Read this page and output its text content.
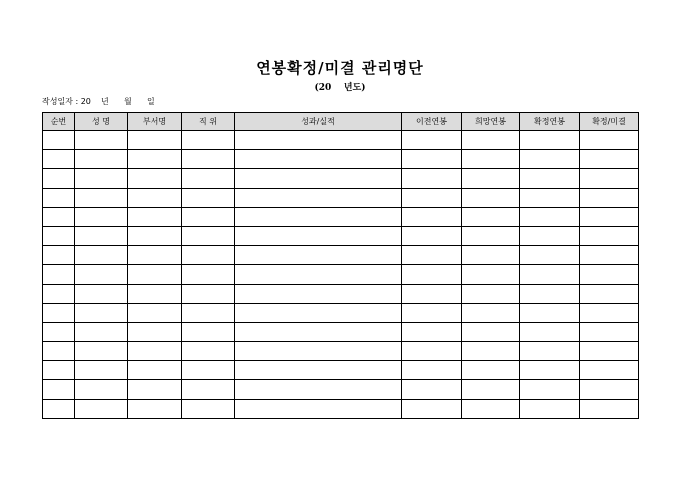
연봉확정/미결 관리명단
(20    년도)
작성일자 : 20    년      월      일
순번	성 명	부서명	직 위	성과/실적	이전연봉	희망연봉	확정연봉	확정/미결
